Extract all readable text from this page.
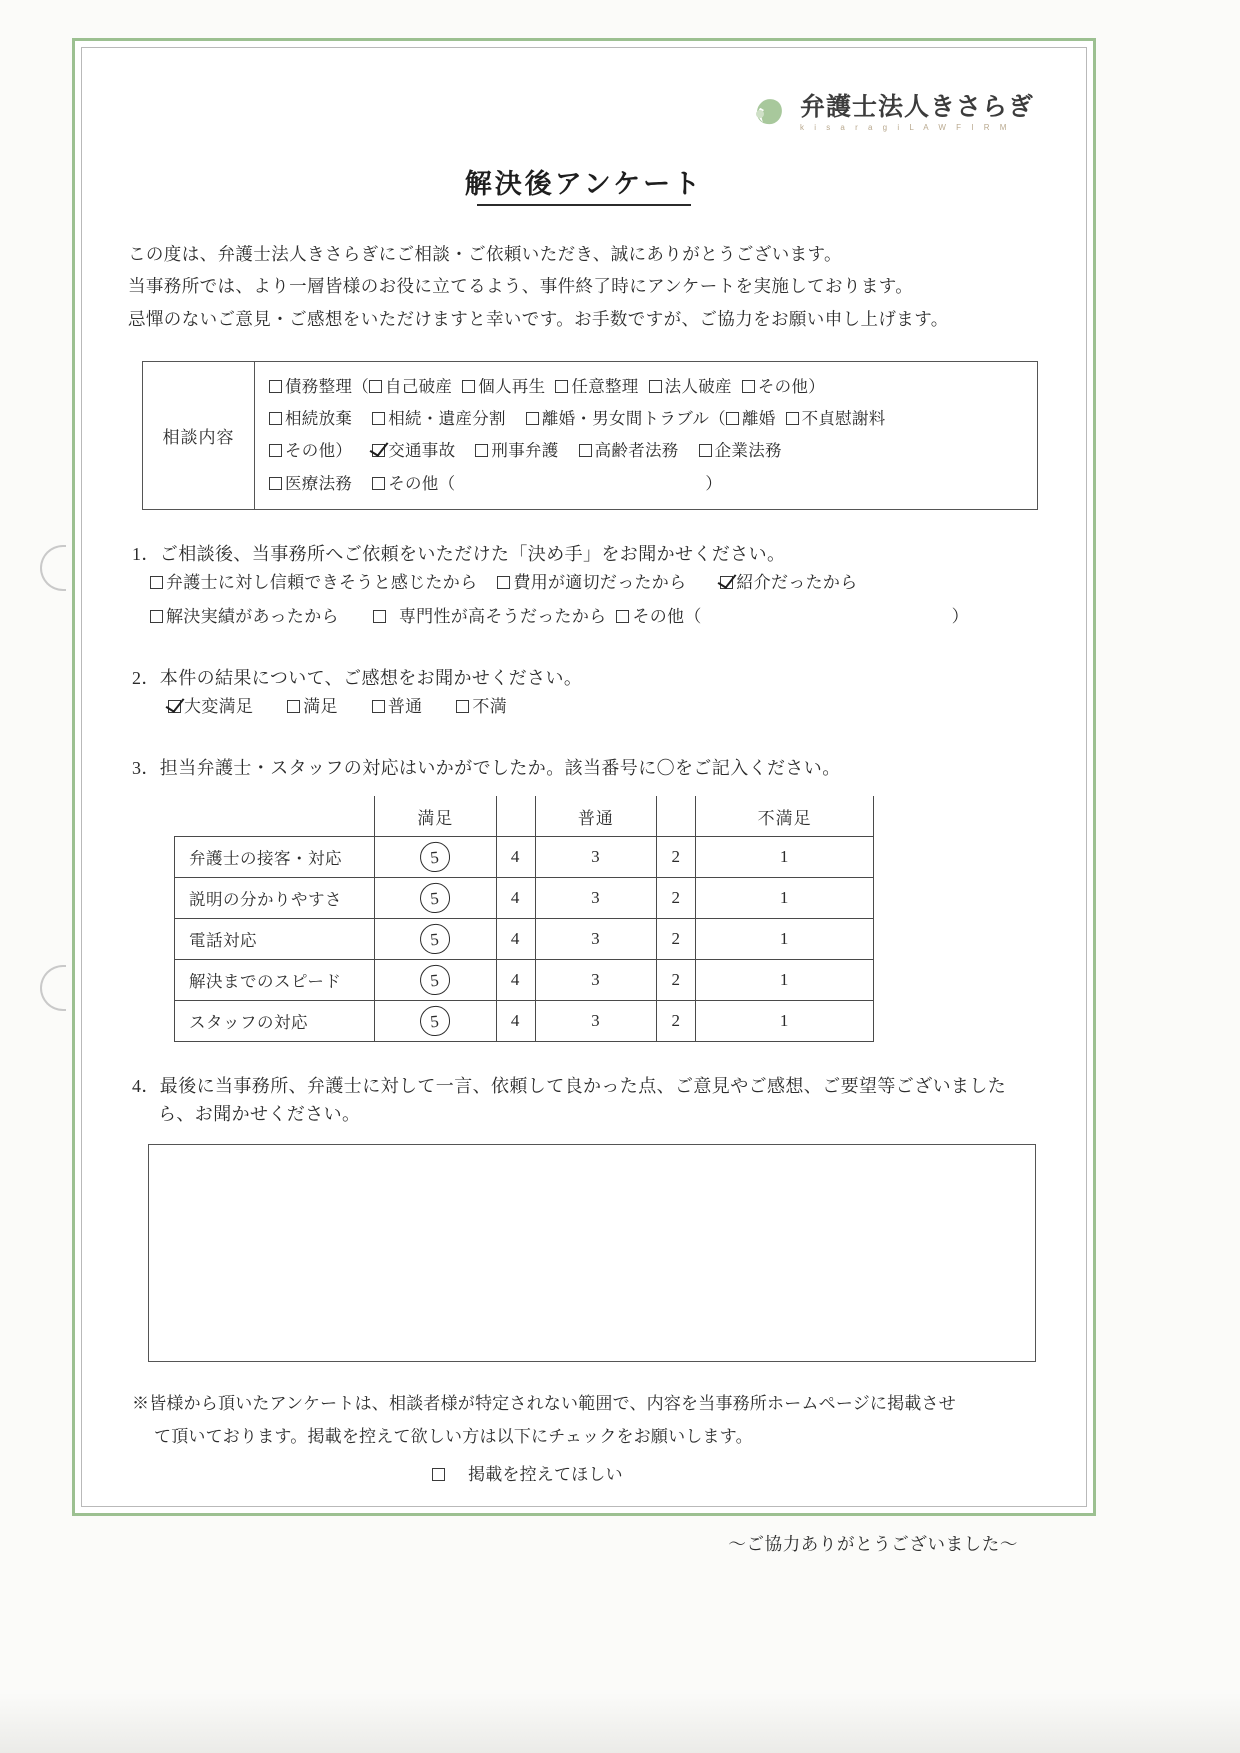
弁護士法人きさらぎ
k i s a r a g i L A W F I R M
解決後アンケート
この度は、弁護士法人きさらぎにご相談・ご依頼いただき、誠にありがとうございます。
当事務所では、より一層皆様のお役に立てるよう、事件終了時にアンケートを実施しております。
忌憚のないご意見・ご感想をいただけますと幸いです。お手数ですが、ご協力をお願い申し上げます。
相談内容
債務整理（ 自己破産 個人再生 任意整理 法人破産 その他）
相続放棄 相続・遺産分割 離婚・男女間トラブル（ 離婚 不貞慰謝料
その他） 交通事故 刑事弁護 高齢者法務 企業法務
医療法務 その他（	）
1．ご相談後、当事務所へご依頼をいただけた「決め手」をお聞かせください。
弁護士に対し信頼できそうと感じたから 費用が適切だったから	紹介だったから
解決実績があったから	専門性が高そうだったから その他（	）
2．本件の結果について、ご感想をお聞かせください。
大変満足	満足	普通	不満
3．担当弁護士・スタッフの対応はいかがでしたか。該当番号に〇をご記入ください。
	満足		普通		不満足
弁護士の接客・対応	5	4	3	2	1
説明の分かりやすさ	5	4	3	2	1
電話対応	5	4	3	2	1
解決までのスピード	5	4	3	2	1
スタッフの対応	5	4	3	2	1
4．最後に当事務所、弁護士に対して一言、依頼して良かった点、ご意見やご感想、ご要望等ございました
ら、お聞かせください。
※皆様から頂いたアンケートは、相談者様が特定されない範囲で、内容を当事務所ホームページに掲載させ
て頂いております。掲載を控えて欲しい方は以下にチェックをお願いします。
掲載を控えてほしい
～ご協力ありがとうございました～
